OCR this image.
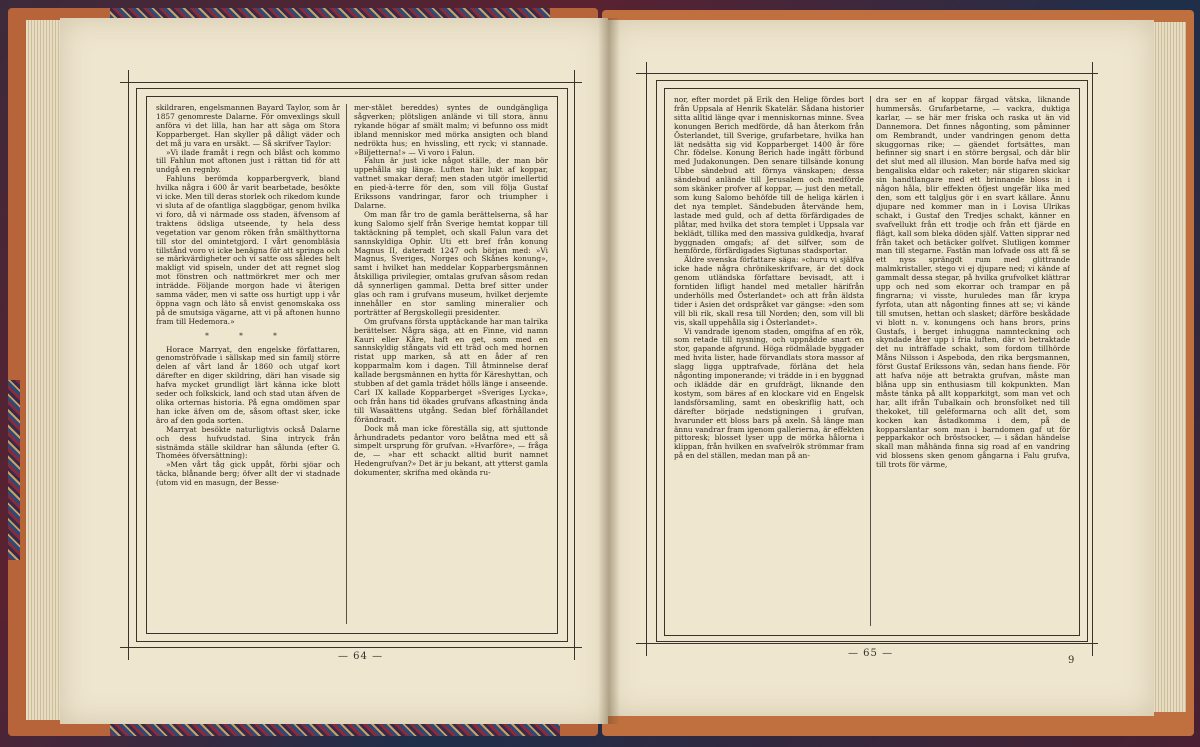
skildraren, engelsmannen Bayard Taylor, som år 1857 genomreste Dalarne. För omvexlings skull anföra vi det lilla, han har att säga om Stora Kopparberget. Han skyller på dåligt väder och det må ju vara en ursäkt. — Så skrifver Taylor:

»Vi ilade framåt i regn och blåst och kommo till Fahlun mot aftonen just i rättan tid för att undgå en regnby.

Fahluns berömda kopparbergverk, bland hvilka några i 600 år varit bearbetade, besökte vi icke. Men till deras storlek och rikedom kunde vi sluta af de ofantliga slaggbögar, genom hvilka vi foro, då vi närmade oss staden, äfvensom af traktens ödsliga utseende, ty hela dess vegetation var genom röken från smälthyttorna till stor del omintetgjord. I vårt genombläsia tillstånd voro vi icke benägna för att springa och se märkvärdigheter och vi satte oss således helt makligt vid spiseln, under det att regnet slog mot fönstren och nattmörkret mer och mer inträdde. Följande morgon hade vi återigen samma väder, men vi satte oss hurtigt upp i vår öppna vagn och läto så envist genomskaka oss på de smutsiga vägarne, att vi på aftonen hunno fram till Hedemora.»

* * *

Horace Marryat, den engelske författaren, genomströfvade i sällskap med sin familj större delen af vårt land år 1860 och utgaf kort därefter en diger skildring, däri han visade sig hafva mycket grundligt lärt känna icke blott seder och folkskick, land och stad utan äfven de olika orternas historia. På egna omdömen spar han icke äfven om de, såsom oftast sker, icke äro af den goda sorten.

Marryat besökte naturligtvis också Dalarne och dess hufvudstad. Sina intryck från sistnämda ställe skildrar han sålunda (efter G. Thomées öfversättning):

»Men vårt tåg gick uppåt, förbi sjöar och täcka, blånande berg; öfver allt der vi stadnade (utom vid en masugn, der Besse-

mer-stålet bereddes) syntes de oundgängliga sågverken; plötsligen anlände vi till stora, ännu rykande högar af smält malm; vi befunno oss midt ibland menniskor med mörka ansigten och bland nedrökta hus; en hvissling, ett ryck; vi stannade. »Biljetterna!» — Vi voro i Falun.

Falun är just icke något ställe, der man bör uppehålla sig länge. Luften har lukt af koppar, vattnet smakar deraf; men staden utgör imellertid en pied-à-terre för den, som vill följa Gustaf Erikssons vandringar, faror och triumpher i Dalarne.

Om man får tro de gamla berättelserna, så har kung Salomo sjelf från Sverige hemtat koppar till taktäckning på templet, och skall Falun vara det sannskyldiga Ophir. Uti ett bref från konung Magnus II, dateradt 1247 och början med: »Vi Magnus, Sveriges, Norges och Skånes konung», samt i hvilket han meddelar Kopparbergsmännen åtskilliga privilegier, omtalas grufvan såsom redan då synnerligen gammal. Detta bref sitter under glas och ram i grufvans museum, hvilket derjemte innehåller en stor samling mineralier och porträtter af Bergskollegii presidenter.

Om grufvans första upptäckande har man talrika berättelser. Några säga, att en Finne, vid namn Kauri eller Kåre, haft en get, som med en sannskyldig stångats vid ett träd och med hornen ristat upp marken, så att en åder af ren kopparmalm kom i dagen. Till åtminnelse deraf kallade bergsmännen en hytta för Käreshyttan, och stubben af det gamla trädet hölls länge i anseende. Carl IX kallade Kopparberget »Sveriges Lycka», och från hans tid ökades grufvans afkastning ända till Wasaättens utgång. Sedan blef förhållandet förändradt.

Dock må man icke föreställa sig, att sjuttonde århundradets pedantor voro belåtna med ett så simpelt ursprung för grufvan. »Hvarföre», — fråga de, — »har ett schackt alltid burit namnet Hedengrufvan?» Det är ju bekant, att ytterst gamla dokumenter, skrifna med okända ru-

nor, efter mordet på Erik den Helige fördes bort från Uppsala af Henrik Skatelär. Sådana historier sitta alltid länge qvar i menniskornas minne. Svea konungen Berich medförde, då han återkom från Österlandet, till Sverige, grufarbetare, hvilka han lät nedsätta sig vid Kopparberget 1400 år före Chr. födelse. Konung Berich hade ingått förbund med Judakonungen. Den senare tillsände konung Ubbe sändebud att förnya vänskapen; dessa sändebud anlände till Jerusalem och medförde som skänker profver af koppar, — just den metall, som kung Salomo behöfde till de heliga kärlen i det nya templet. Sändebuden återvände hem, lastade med guld, och af detta förfärdigades de plåtar, med hvilka det stora templet i Uppsala var beklädt, tillika med den massiva guldkedja, hvaraf byggnaden omgafs; af det silfver, som de hemförde, förfärdigades Sigtunas stadsportar.

Äldre svenska författare säga: »churu vi själfva icke hade några chrönikeskrifvare, är det dock genom utländska författare bevisadt, att i forntiden lifligt handel med metaller härifrån underhölls med Österlandet» och att från äldsta tider i Asien det ordspråket var gängse: »den som vill bli rik, skall resa till Norden; den, som vill bli vis, skall uppehålla sig i Österlandet».

Vi vandrade igenom staden, omgifna af en rök, som retade till nysning, och uppnådde snart en stor, gapande afgrund. Höga rödmålade byggader med hvita lister, hade förvandlats stora massor af slagg ligga upptrafvade, förläna det hela någonting imponerande; vi trädde in i en byggnad och iklädde där en grufdrägt, liknande den kostym, som bäres af en klockare vid en Engelsk landsförsamling, samt en obeskriflig hatt, och därefter började nedstigningen i grufvan, hvarunder ett bloss bars på axeln. Så länge man ännu vandrar fram igenom gallerierna, är effekten pittoresk; blosset lyser upp de mörka hålorna i klippan, från hvilken en svafvelrök strömmar fram på en del ställen, medan man på an-

dra ser en af koppar färgad vätska, liknande hummersås. Grufarbetarne, — vackra, duktiga karlar, — se här mer friska och raska ut än vid Dannemora. Det finnes någonting, som påminner om Rembrandt, under vandringen genom detta skuggornas rike; — gäendet fortsättes, man befinner sig snart i en större bergsal, och där blir det slut med all illusion. Man borde hafva med sig bengaliska eldar och raketer; när stigaren skickar sin handtlangare med ett brinnande bloss in i någon håla, blir effekten öfjest ungefär lika med den, som ett talgljus gör i en svart källare. Ännu djupare ned kommer man in i Lovisa Ulrikas schakt, i Gustaf den Tredjes schakt, känner en svafvellukt från ett trodje och från ett fjärde en flägt, kall som bleka döden själf. Vatten sipprar ned från taket och betäcker golfvet. Slutligen kommer man till stegarne. Fastän man lofvade oss att få se ett nyss sprängdt rum med glittrande malmkristaller, stego vi ej djupare ned; vi kände af gammalt dessa stegar, på hvilka grufvolket klättrar upp och ned som ekorrar och trampar en på fingrarna; vi visste, huruledes man får krypa fyrfota, utan att någonting finnes att se; vi kände till smutsen, hettan och slasket; därföre beskådade vi blott n. v. konungens och hans brors, prins Gustafs, i berget inhuggna namnteckning och skyndade åter upp i fria luften, där vi betraktade det nu inträffade schakt, som fordom tillhörde Måns Nilsson i Aspeboda, den rika bergsmannen, först Gustaf Erikssons vän, sedan hans fiende. För att hafva nöje att betrakta grufvan, måste man blåna upp sin enthusiasm till kokpunkten. Man måste tänka på allt kopparkitgt, som man vet och har, allt ifrån Tubalkain och bronsfolket ned till thekoket, till geléformarna och allt det, som kocken kan åstadkomma i dem, på de kopparslantar som man i barndomen gaf ut för pepparkakor och bröstsocker, — i sådan händelse skall man måhända finna sig road af en vandring vid blossens sken genom gångarna i Falu grufva, till trots för värme,

— 64 —	— 65 —
9
